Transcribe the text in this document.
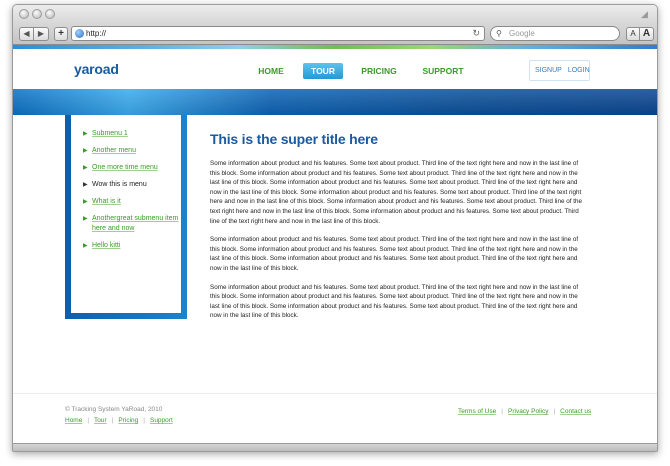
◢
◀	▶	+	http://	↻ ⚲ Google	A A
yaroad	HOME	TOUR	PRICING	SUPPORT	SIGNUP LOGIN
▶ Submenu 1
▶ Another menu
▶ One more time menu
▶ Wow this is menu
▶ What is it
▶ Anothergreat submenu item here and now
▶ Hello kitti
This is the super title here

Some information about product and his features. Some text about product. Third line of the text right here and now in the last line of this block. Some information about product and his features. Some text about product. Third line of the text right here and now in the last line of this block. Some information about product and his features. Some text about product. Third line of the text right here and now in the last line of this block. Some information about product and his features. Some text about product. Third line of the text right here and now in the last line of this block. Some information about product and his features. Some text about product. Third line of the text right here and now in the last line of this block. Some information about product and his features. Some text about product. Third line of the text right here and now in the last line of this block.

Some information about product and his features. Some text about product. Third line of the text right here and now in the last line of this block. Some information about product and his features. Some text about product. Third line of the text right here and now in the last line of this block. Some information about product and his features. Some text about product. Third line of the text right here and now in the last line of this block.

Some information about product and his features. Some text about product. Third line of the text right here and now in the last line of this block. Some information about product and his features. Some text about product. Third line of the text right here and now in the last line of this block. Some information about product and his features. Some text about product. Third line of the text right here and now in the last line of this block.

© Tracking System YaRoad, 2010
Home | Tour | Pricing | Support
Terms of Use | Privacy Policy | Contact us
